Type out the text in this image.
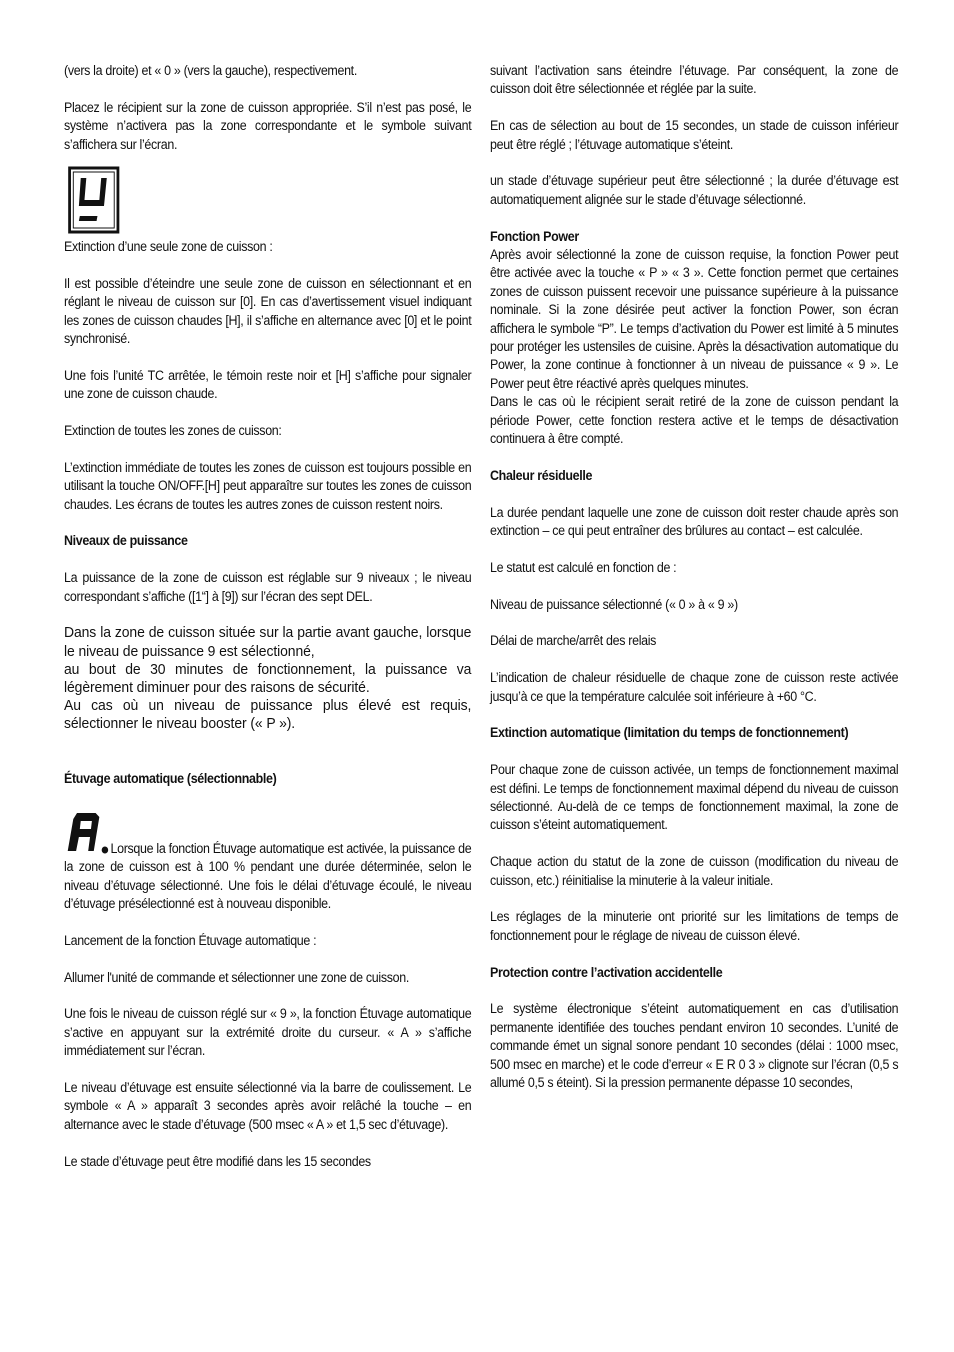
(vers la droite) et « 0 » (vers la gauche), respectivement.

Placez le récipient sur la zone de cuisson appropriée. S’il n’est pas posé, le système n’activera pas la zone correspondante et le symbole suivant s’affichera sur l’écran.

Extinction d’une seule zone de cuisson :

Il est possible d’éteindre une seule zone de cuisson en sélectionnant et en réglant le niveau de cuisson sur [0]. En cas d’avertissement visuel indiquant les zones de cuisson chaudes [H], il s’affiche en alternance avec [0] et le point synchronisé.

Une fois l’unité TC arrêtée, le témoin reste noir et [H] s’affiche pour signaler une zone de cuisson chaude.

Extinction de toutes les zones de cuisson:

L’extinction immédiate de toutes les zones de cuisson est toujours possible en utilisant la touche ON/OFF.[H] peut apparaître sur toutes les zones de cuisson chaudes. Les écrans de toutes les autres zones de cuisson restent noirs.

Niveaux de puissance

La puissance de la zone de cuisson est réglable sur 9 niveaux ; le niveau correspondant s’affiche ([1“] à [9]) sur l’écran des sept DEL.

Dans la zone de cuisson située sur la partie avant gauche, lorsque le niveau de puissance 9 est sélectionné,

au bout de 30 minutes de fonctionnement, la puissance va légèrement diminuer pour des raisons de sécurité.

Au cas où un niveau de puissance plus élevé est requis, sélectionner le niveau booster (« P »).

Étuvage automatique (sélectionnable)

Lorsque la fonction Étuvage automatique est activée, la puissance de la zone de cuisson est à 100 % pendant une durée déterminée, selon le niveau d’étuvage sélectionné. Une fois le délai d’étuvage écoulé, le niveau d’étuvage présélectionné est à nouveau disponible.

Lancement de la fonction Étuvage automatique :

Allumer l'unité de commande et sélectionner une zone de cuisson.

Une fois le niveau de cuisson réglé sur « 9 », la fonction Étuvage automatique s’active en appuyant sur la extrémité droite du curseur. « A » s’affiche immédiatement sur l’écran.

Le niveau d’étuvage est ensuite sélectionné via la barre de coulissement. Le symbole « A » apparaît 3 secondes après avoir relâché la touche – en alternance avec le stade d’étuvage (500 msec « A » et 1,5 sec d’étuvage).

Le stade d’étuvage peut être modifié dans les 15 secondes

suivant l’activation sans éteindre l’étuvage. Par conséquent, la zone de cuisson doit être sélectionnée et réglée par la suite.

En cas de sélection au bout de 15 secondes, un stade de cuisson inférieur peut être réglé ; l’étuvage automatique s’éteint.

un stade d’étuvage supérieur peut être sélectionné ; la durée d’étuvage est automatiquement alignée sur le stade d’étuvage sélectionné.

Fonction Power

Après avoir sélectionné la zone de cuisson requise, la fonction Power peut être activée avec la touche « P » « 3 ». Cette fonction permet que certaines zones de cuisson puissent recevoir une puissance supérieure à la puissance nominale. Si la zone désirée peut activer la fonction Power, son écran affichera le symbole “P”. Le temps d’activation du Power est limité à 5 minutes pour protéger les ustensiles de cuisine. Après la désactivation automatique du Power, la zone continue à fonctionner à un niveau de puissance « 9 ». Le Power peut être réactivé après quelques minutes.

Dans le cas où le récipient serait retiré de la zone de cuisson pendant la période Power, cette fonction restera active et le temps de désactivation continuera à être compté.

Chaleur résiduelle

La durée pendant laquelle une zone de cuisson doit rester chaude après son extinction – ce qui peut entraîner des brûlures au contact – est calculée.

Le statut est calculé en fonction de :

Niveau de puissance sélectionné (« 0 » à « 9 »)

Délai de marche/arrêt des relais

L’indication de chaleur résiduelle de chaque zone de cuisson reste activée jusqu’à ce que la température calculée soit inférieure à +60 °C.

Extinction automatique (limitation du temps de fonctionnement)

Pour chaque zone de cuisson activée, un temps de fonctionnement maximal est défini. Le temps de fonctionnement maximal dépend du niveau de cuisson sélectionné. Au-delà de ce temps de fonctionnement maximal, la zone de cuisson s’éteint automatiquement.

Chaque action du statut de la zone de cuisson (modification du niveau de cuisson, etc.) réinitialise la minuterie à la valeur initiale.

Les réglages de la minuterie ont priorité sur les limitations de temps de fonctionnement pour le réglage de niveau de cuisson élevé.

Protection contre l’activation accidentelle

Le système électronique s’éteint automatiquement en cas d’utilisation permanente identifiée des touches pendant environ 10 secondes. L’unité de commande émet un signal sonore pendant 10 secondes (délai : 1000 msec, 500 msec en marche) et le code d’erreur « E R 0 3 » clignote sur l’écran (0,5 s allumé 0,5 s éteint). Si la pression permanente dépasse 10 secondes,
